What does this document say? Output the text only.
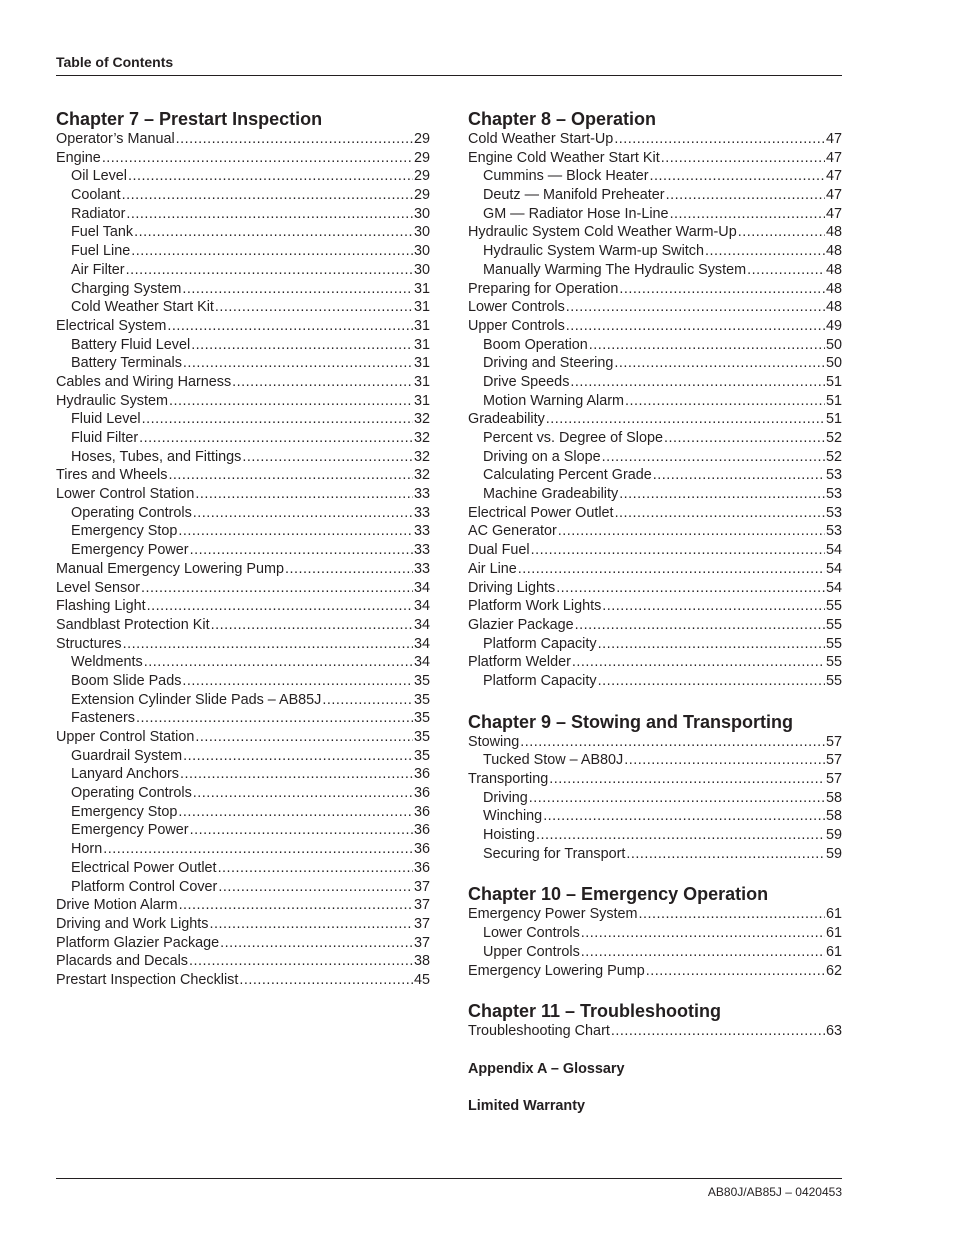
Table of Contents
Chapter 7 – Prestart Inspection
Operator’s Manual .....	29
Engine .....	29
Oil Level .....	29
Coolant .....	29
Radiator .....	30
Fuel Tank .....	30
Fuel Line .....	30
Air Filter .....	30
Charging System .....	31
Cold Weather Start Kit .....	31
Electrical System .....	31
Battery Fluid Level .....	31
Battery Terminals .....	31
Cables and Wiring Harness .....	31
Hydraulic System .....	31
Fluid Level .....	32
Fluid Filter .....	32
Hoses, Tubes, and Fittings .....	32
Tires and Wheels .....	32
Lower Control Station .....	33
Operating Controls .....	33
Emergency Stop .....	33
Emergency Power .....	33
Manual Emergency Lowering Pump .....	33
Level Sensor .....	34
Flashing Light .....	34
Sandblast Protection Kit .....	34
Structures .....	34
Weldments .....	34
Boom Slide Pads .....	35
Extension Cylinder Slide Pads – AB85J .....	35
Fasteners .....	35
Upper Control Station .....	35
Guardrail System .....	35
Lanyard Anchors .....	36
Operating Controls .....	36
Emergency Stop .....	36
Emergency Power .....	36
Horn .....	36
Electrical Power Outlet .....	36
Platform Control Cover .....	37
Drive Motion Alarm .....	37
Driving and Work Lights .....	37
Platform Glazier Package .....	37
Placards and Decals .....	38
Prestart Inspection Checklist .....	45
Chapter 8 – Operation
Cold Weather Start-Up .....	47
Engine Cold Weather Start Kit .....	47
Cummins — Block Heater .....	47
Deutz — Manifold Preheater .....	47
GM — Radiator Hose In-Line .....	47
Hydraulic System Cold Weather Warm-Up .....	48
Hydraulic System Warm-up Switch .....	48
Manually Warming The Hydraulic System .....	48
Preparing for Operation .....	48
Lower Controls .....	48
Upper Controls .....	49
Boom Operation .....	50
Driving and Steering .....	50
Drive Speeds .....	51
Motion Warning Alarm .....	51
Gradeability .....	51
Percent vs. Degree of Slope .....	52
Driving on a Slope .....	52
Calculating Percent Grade .....	53
Machine Gradeability .....	53
Electrical Power Outlet .....	53
AC Generator .....	53
Dual Fuel .....	54
Air Line .....	54
Driving Lights .....	54
Platform Work Lights .....	55
Glazier Package .....	55
Platform Capacity .....	55
Platform Welder .....	55
Platform Capacity .....	55
Chapter 9 – Stowing and Transporting
Stowing .....	57
Tucked Stow – AB80J .....	57
Transporting .....	57
Driving .....	58
Winching .....	58
Hoisting .....	59
Securing for Transport .....	59
Chapter 10 – Emergency Operation
Emergency Power System .....	61
Lower Controls .....	61
Upper Controls .....	61
Emergency Lowering Pump .....	62
Chapter 11 – Troubleshooting
Troubleshooting Chart .....	63
Appendix A – Glossary
Limited Warranty
AB80J/AB85J – 0420453
